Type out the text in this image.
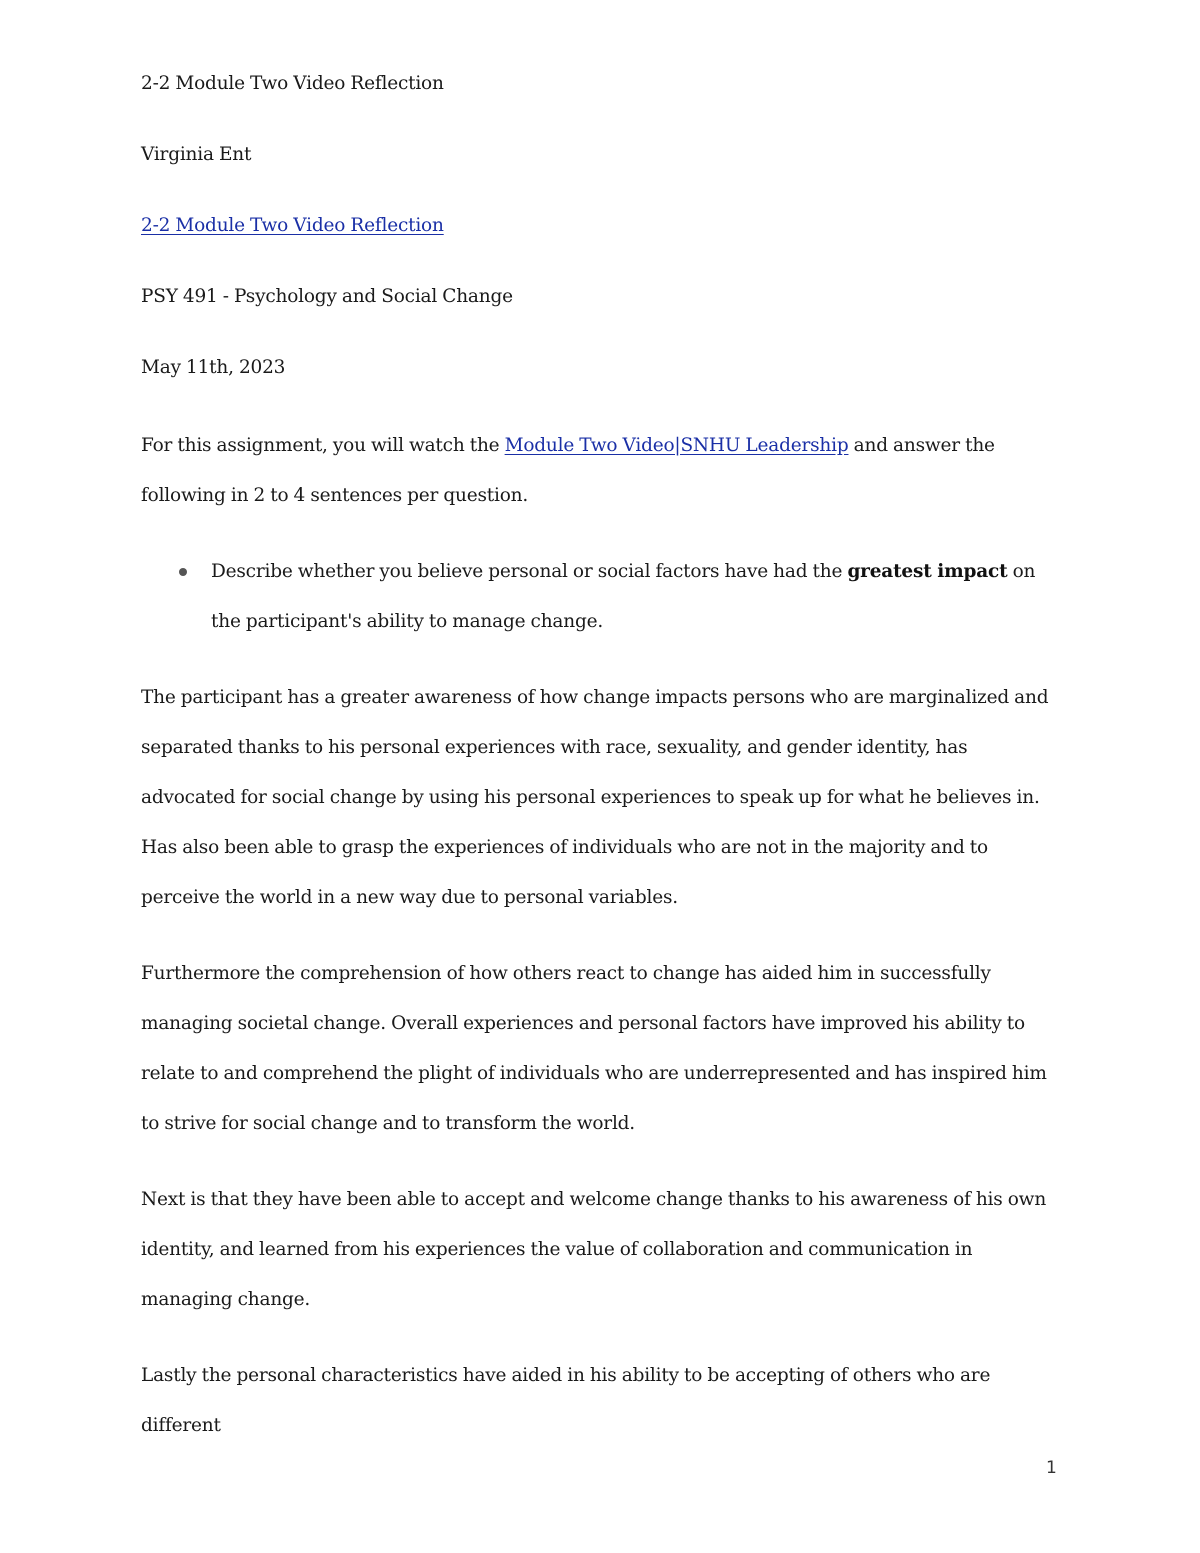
2-2 Module Two Video Reflection

Virginia Ent

2-2 Module Two Video Reflection

PSY 491 - Psychology and Social Change

May 11th, 2023

For this assignment, you will watch the Module Two Video|SNHU Leadership and answer the following in 2 to 4 sentences per question.

Describe whether you believe personal or social factors have had the greatest impact on the participant's ability to manage change.

The participant has a greater awareness of how change impacts persons who are marginalized and separated thanks to his personal experiences with race, sexuality, and gender identity, has advocated for social change by using his personal experiences to speak up for what he believes in. Has also been able to grasp the experiences of individuals who are not in the majority and to perceive the world in a new way due to personal variables.

Furthermore the comprehension of how others react to change has aided him in successfully managing societal change. Overall experiences and personal factors have improved his ability to relate to and comprehend the plight of individuals who are underrepresented and has inspired him to strive for social change and to transform the world.

Next is that they have been able to accept and welcome change thanks to his awareness of his own identity, and learned from his experiences the value of collaboration and communication in managing change.

Lastly the personal characteristics have aided in his ability to be accepting of others who are different

1
